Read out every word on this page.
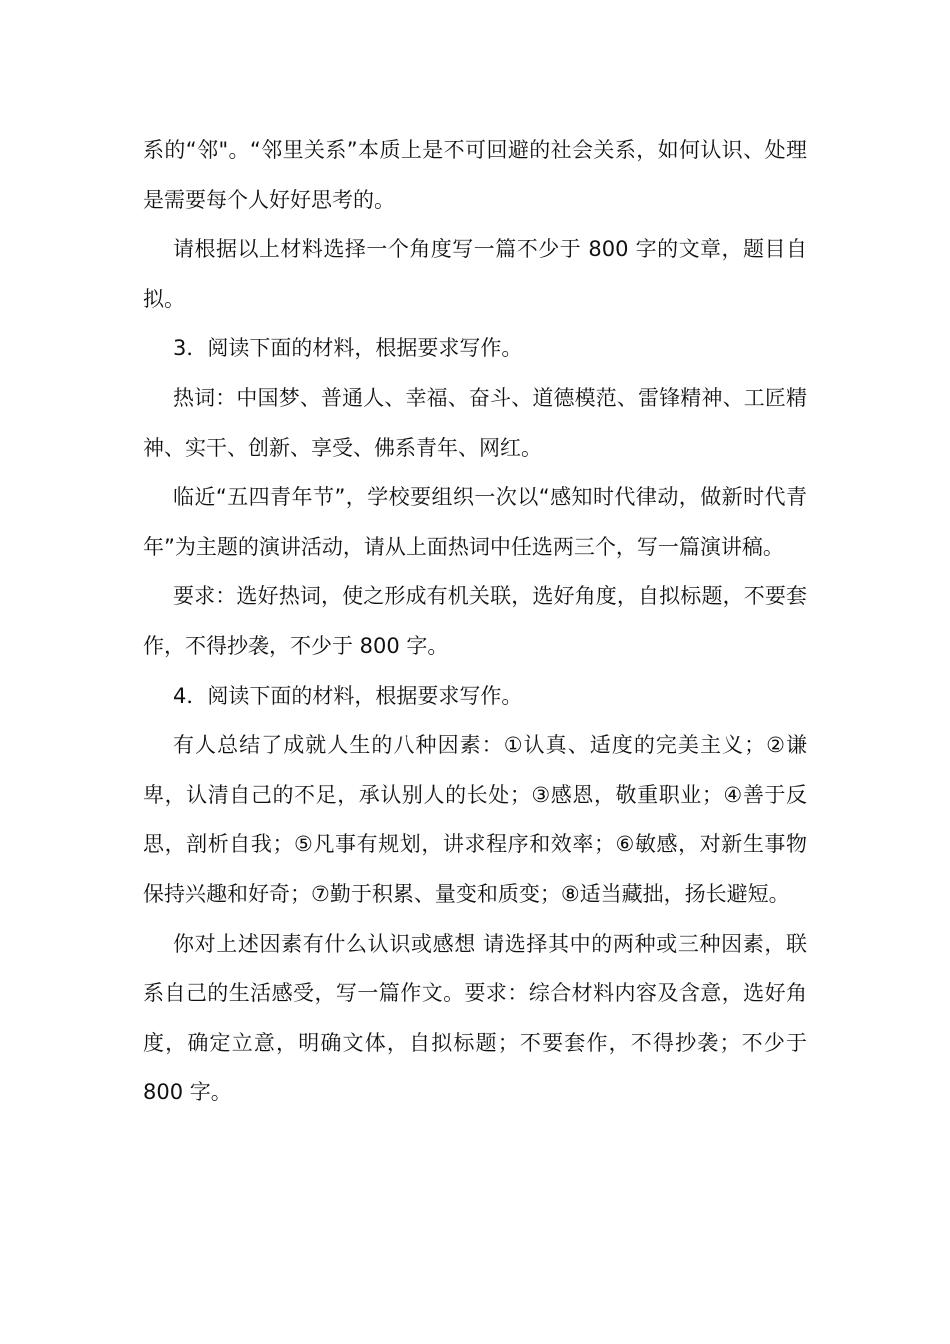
系的“邻"。“邻里关系”本质上是不可回避的社会关系，如何认识、处理是需要每个人好好思考的。

请根据以上材料选择一个角度写一篇不少于 800 字的文章，题目自拟。

3．阅读下面的材料，根据要求写作。

热词：中国梦、普通人、幸福、奋斗、道德模范、雷锋精神、工匠精神、实干、创新、享受、佛系青年、网红。

临近“五四青年节”，学校要组织一次以“感知时代律动，做新时代青年”为主题的演讲活动，请从上面热词中任选两三个，写一篇演讲稿。

要求：选好热词，使之形成有机关联，选好角度，自拟标题，不要套作，不得抄袭，不少于 800 字。

4．阅读下面的材料，根据要求写作。

有人总结了成就人生的八种因素：①认真、适度的完美主义；②谦卑，认清自己的不足，承认别人的长处；③感恩，敬重职业；④善于反思，剖析自我；⑤凡事有规划，讲求程序和效率；⑥敏感，对新生事物保持兴趣和好奇；⑦勤于积累、量变和质变；⑧适当藏拙，扬长避短。

你对上述因素有什么认识或感想 请选择其中的两种或三种因素，联系自己的生活感受，写一篇作文。要求：综合材料内容及含意，选好角度，确定立意，明确文体，自拟标题；不要套作，不得抄袭；不少于 800 字。
